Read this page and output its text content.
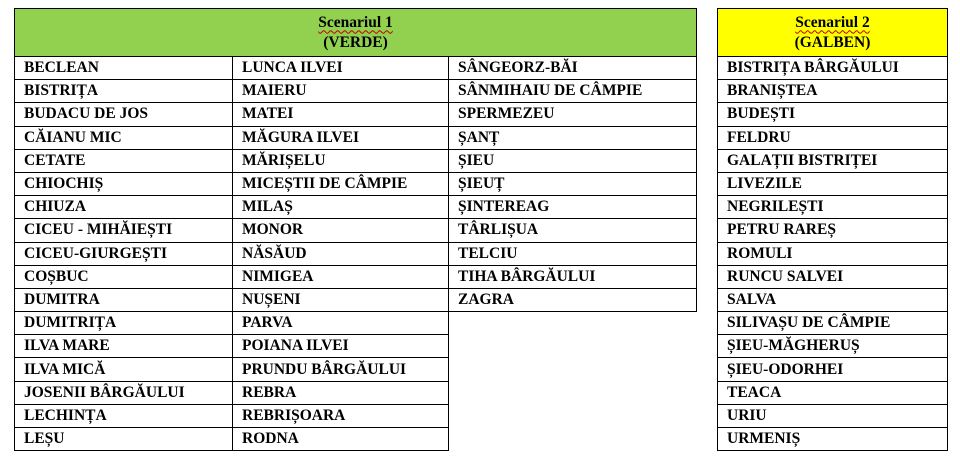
Scenariul 1
(VERDE)		
BECLEAN	LUNCA ILVEI	SÂNGEORZ-BĂI
BISTRIȚA	MAIERU	SÂNMIHAIU DE CÂMPIE
BUDACU DE JOS	MATEI	SPERMEZEU
CĂIANU MIC	MĂGURA ILVEI	ȘANȚ
CETATE	MĂRIȘELU	ȘIEU
CHIOCHIȘ	MICEȘTII DE CÂMPIE	ȘIEUȚ
CHIUZA	MILAȘ	ȘINTEREAG
CICEU - MIHĂIEȘTI	MONOR	TÂRLIȘUA
CICEU-GIURGEȘTI	NĂSĂUD	TELCIU
COȘBUC	NIMIGEA	TIHA BÂRGĂULUI
DUMITRA	NUȘENI	ZAGRA
DUMITRIȚA	PARVA	
ILVA MARE	POIANA ILVEI	
ILVA MICĂ	PRUNDU BÂRGĂULUI	
JOSENII BÂRGĂULUI	REBRA	
LECHINȚA	REBRIȘOARA	
LEȘU	RODNA	
Scenariul 2
(GALBEN)
BISTRIȚA BÂRGĂULUI
BRANIȘTEA
BUDEȘTI
FELDRU
GALAȚII BISTRIȚEI
LIVEZILE
NEGRILEȘTI
PETRU RAREȘ
ROMULI
RUNCU SALVEI
SALVA
SILIVAȘU DE CÂMPIE
ȘIEU-MĂGHERUȘ
ȘIEU-ODORHEI
TEACA
URIU
URMENIȘ
